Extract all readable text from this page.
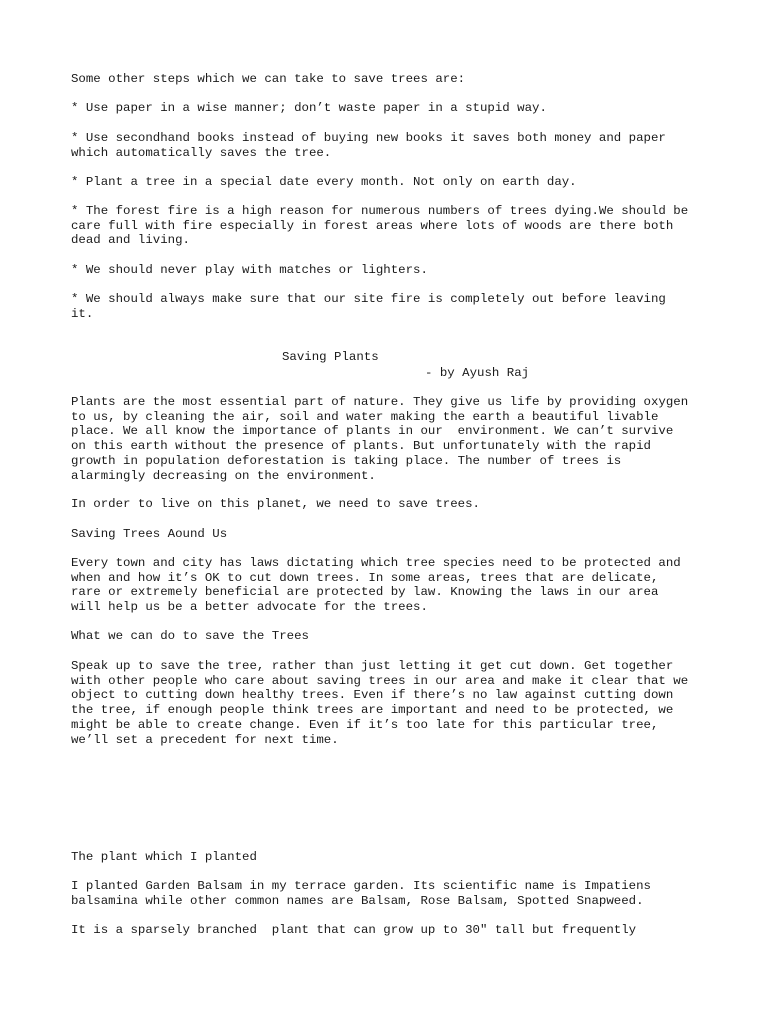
Some other steps which we can take to save trees are:

* Use paper in a wise manner; don’t waste paper in a stupid way.

* Use secondhand books instead of buying new books it saves both money and paper
which automatically saves the tree.

* Plant a tree in a special date every month. Not only on earth day.

* The forest fire is a high reason for numerous numbers of trees dying.We should be
care full with fire especially in forest areas where lots of woods are there both
dead and living.

* We should never play with matches or lighters.

* We should always make sure that our site fire is completely out before leaving
it.

Saving Plants

- by Ayush Raj

Plants are the most essential part of nature. They give us life by providing oxygen
to us, by cleaning the air, soil and water making the earth a beautiful livable
place. We all know the importance of plants in our  environment. We can’t survive
on this earth without the presence of plants. But unfortunately with the rapid
growth in population deforestation is taking place. The number of trees is
alarmingly decreasing on the environment.

In order to live on this planet, we need to save trees.

Saving Trees Aound Us

Every town and city has laws dictating which tree species need to be protected and
when and how it’s OK to cut down trees. In some areas, trees that are delicate,
rare or extremely beneficial are protected by law. Knowing the laws in our area
will help us be a better advocate for the trees.

What we can do to save the Trees

Speak up to save the tree, rather than just letting it get cut down. Get together
with other people who care about saving trees in our area and make it clear that we
object to cutting down healthy trees. Even if there’s no law against cutting down
the tree, if enough people think trees are important and need to be protected, we
might be able to create change. Even if it’s too late for this particular tree,
we’ll set a precedent for next time.

The plant which I planted

I planted Garden Balsam in my terrace garden. Its scientific name is Impatiens
balsamina while other common names are Balsam, Rose Balsam, Spotted Snapweed.

It is a sparsely branched  plant that can grow up to 30" tall but frequently
